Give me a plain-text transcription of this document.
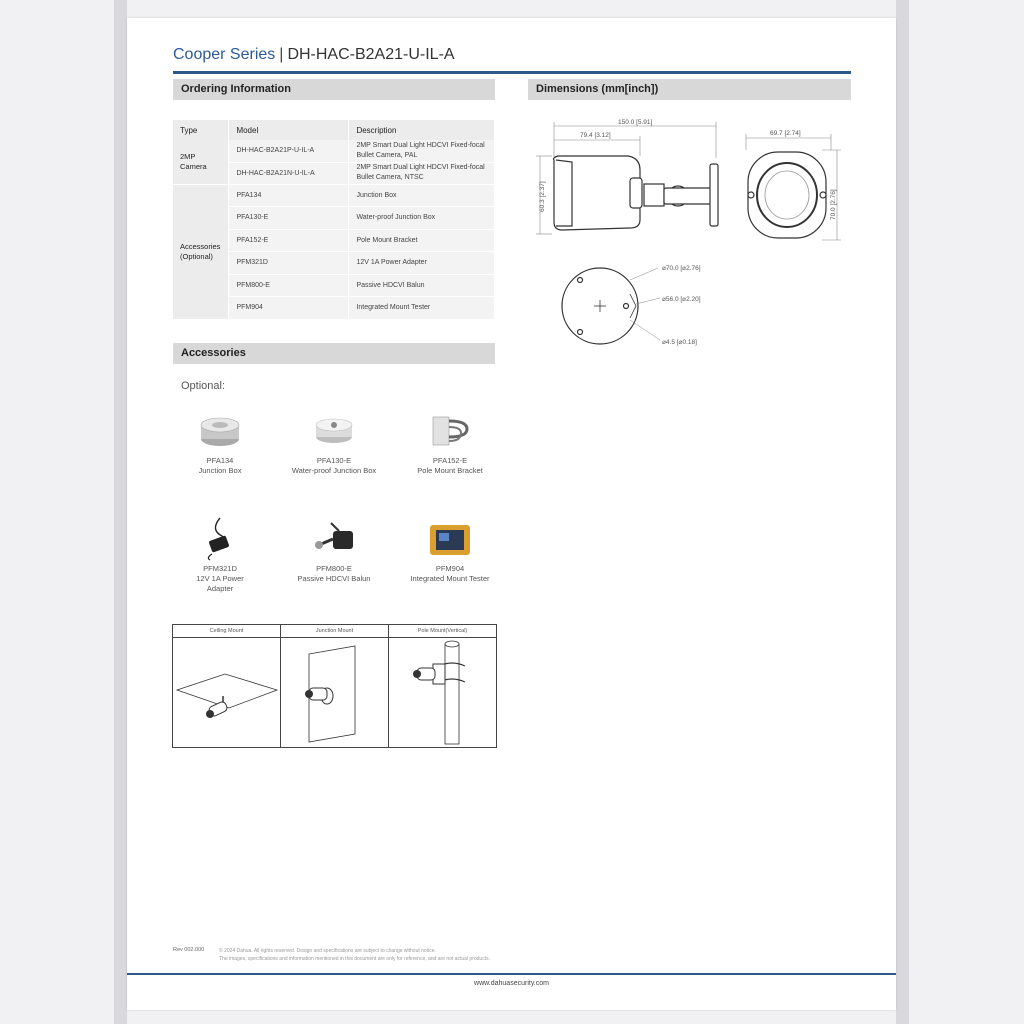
Cooper Series | DH-HAC-B2A21-U-IL-A
Ordering Information
Type	Model	Description
2MP Camera	DH-HAC-B2A21P-U-IL-A	2MP Smart Dual Light HDCVI Fixed-focal Bullet Camera, PAL
	DH-HAC-B2A21N-U-IL-A	2MP Smart Dual Light HDCVI Fixed-focal Bullet Camera, NTSC
Accessories (Optional)	PFA134	Junction Box
	PFA130-E	Water-proof Junction Box
	PFA152-E	Pole Mount Bracket
	PFM321D	12V 1A Power Adapter
	PFM800-E	Passive HDCVI Balun
	PFM904	Integrated Mount Tester
Dimensions (mm[inch])
150.0 [5.91]
79.4 [3.12]
60.3 [2.37]
69.7 [2.74]
70.0 [2.76]
⌀70.0 [⌀2.76]
⌀56.0 [⌀2.20]
⌀4.5 [⌀0.18]
Accessories
Optional:
PFA134
Junction Box
PFA130-E
Water-proof Junction Box
PFA152-E
Pole Mount Bracket
PFM321D
12V 1A Power Adapter
PFM800-E
Passive HDCVI Balun
PFM904
Integrated Mount Tester
Ceiling Mount	Junction Mount	Pole Mount(Vertical)
Rev 002.000	© 2024 Dahua. All rights reserved. Design and specifications are subject to change without notice.
The images, specifications and information mentioned in this document are only for reference, and are not actual products.
www.dahuasecurity.com
